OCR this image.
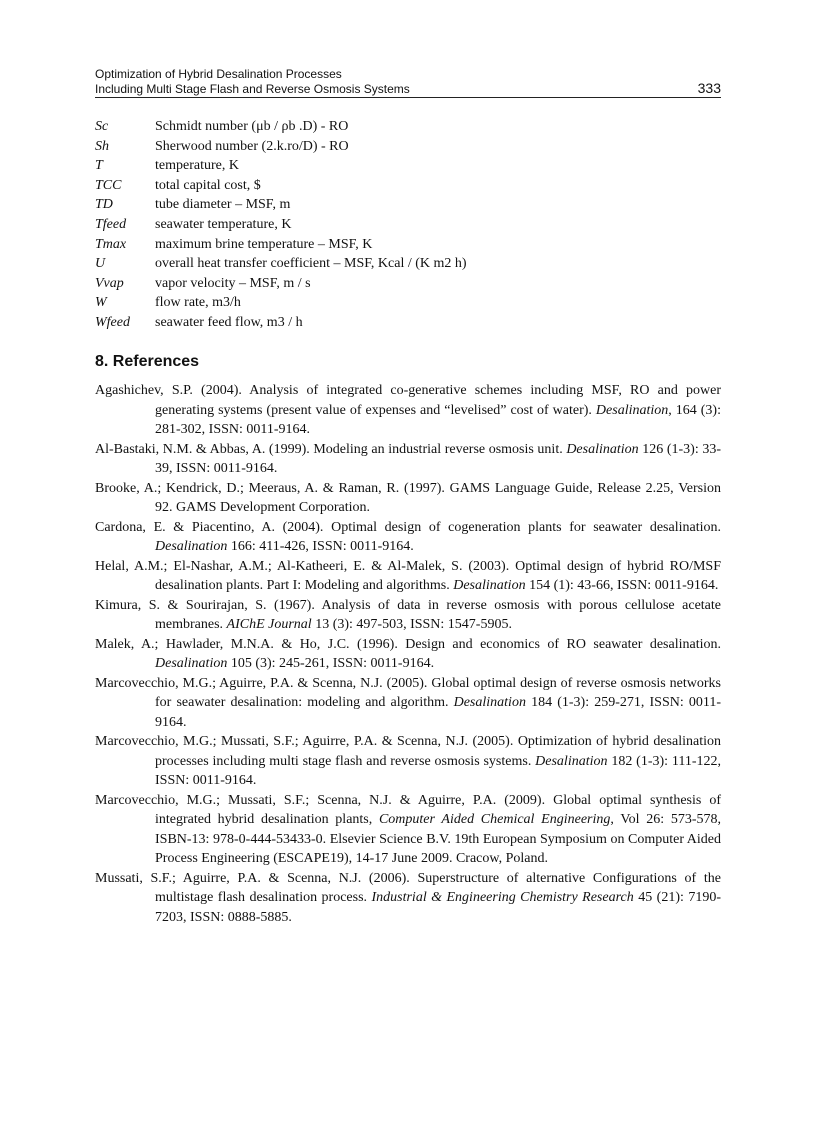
Optimization of Hybrid Desalination Processes
Including Multi Stage Flash and Reverse Osmosis Systems	333
Sc	Schmidt number (μb / ρb .D) - RO
Sh	Sherwood number (2.k.ro/D) - RO
T	temperature, K
TCC total capital cost, $
TD	tube diameter – MSF, m
Tfeed seawater temperature, K
Tmax maximum brine temperature – MSF, K
U	overall heat transfer coefficient – MSF, Kcal / (K m2 h)
Vvap vapor velocity – MSF, m / s
W	flow rate, m3/h
Wfeed seawater feed flow, m3 / h
8. References

Agashichev, S.P. (2004). Analysis of integrated co-generative schemes including MSF, RO and power generating systems (present value of expenses and “levelised” cost of water). Desalination, 164 (3): 281-302, ISSN: 0011-9164.

Al-Bastaki, N.M. & Abbas, A. (1999). Modeling an industrial reverse osmosis unit. Desalination 126 (1-3): 33-39, ISSN: 0011-9164.

Brooke, A.; Kendrick, D.; Meeraus, A. & Raman, R. (1997). GAMS Language Guide, Release 2.25, Version 92. GAMS Development Corporation.

Cardona, E. & Piacentino, A. (2004). Optimal design of cogeneration plants for seawater desalination. Desalination 166: 411-426, ISSN: 0011-9164.

Helal, A.M.; El-Nashar, A.M.; Al-Katheeri, E. & Al-Malek, S. (2003). Optimal design of hybrid RO/MSF desalination plants. Part I: Modeling and algorithms. Desalination 154 (1): 43-66, ISSN: 0011-9164.

Kimura, S. & Sourirajan, S. (1967). Analysis of data in reverse osmosis with porous cellulose acetate membranes. AIChE Journal 13 (3): 497-503, ISSN: 1547-5905.

Malek, A.; Hawlader, M.N.A. & Ho, J.C. (1996). Design and economics of RO seawater desalination. Desalination 105 (3): 245-261, ISSN: 0011-9164.

Marcovecchio, M.G.; Aguirre, P.A. & Scenna, N.J. (2005). Global optimal design of reverse osmosis networks for seawater desalination: modeling and algorithm. Desalination 184 (1-3): 259-271, ISSN: 0011-9164.

Marcovecchio, M.G.; Mussati, S.F.; Aguirre, P.A. & Scenna, N.J. (2005). Optimization of hybrid desalination processes including multi stage flash and reverse osmosis systems. Desalination 182 (1-3): 111-122, ISSN: 0011-9164.

Marcovecchio, M.G.; Mussati, S.F.; Scenna, N.J. & Aguirre, P.A. (2009). Global optimal synthesis of integrated hybrid desalination plants, Computer Aided Chemical Engineering, Vol 26: 573-578, ISBN-13: 978-0-444-53433-0. Elsevier Science B.V. 19th European Symposium on Computer Aided Process Engineering (ESCAPE19), 14-17 June 2009. Cracow, Poland.

Mussati, S.F.; Aguirre, P.A. & Scenna, N.J. (2006). Superstructure of alternative Configurations of the multistage flash desalination process. Industrial & Engineering Chemistry Research 45 (21): 7190-7203, ISSN: 0888-5885.
